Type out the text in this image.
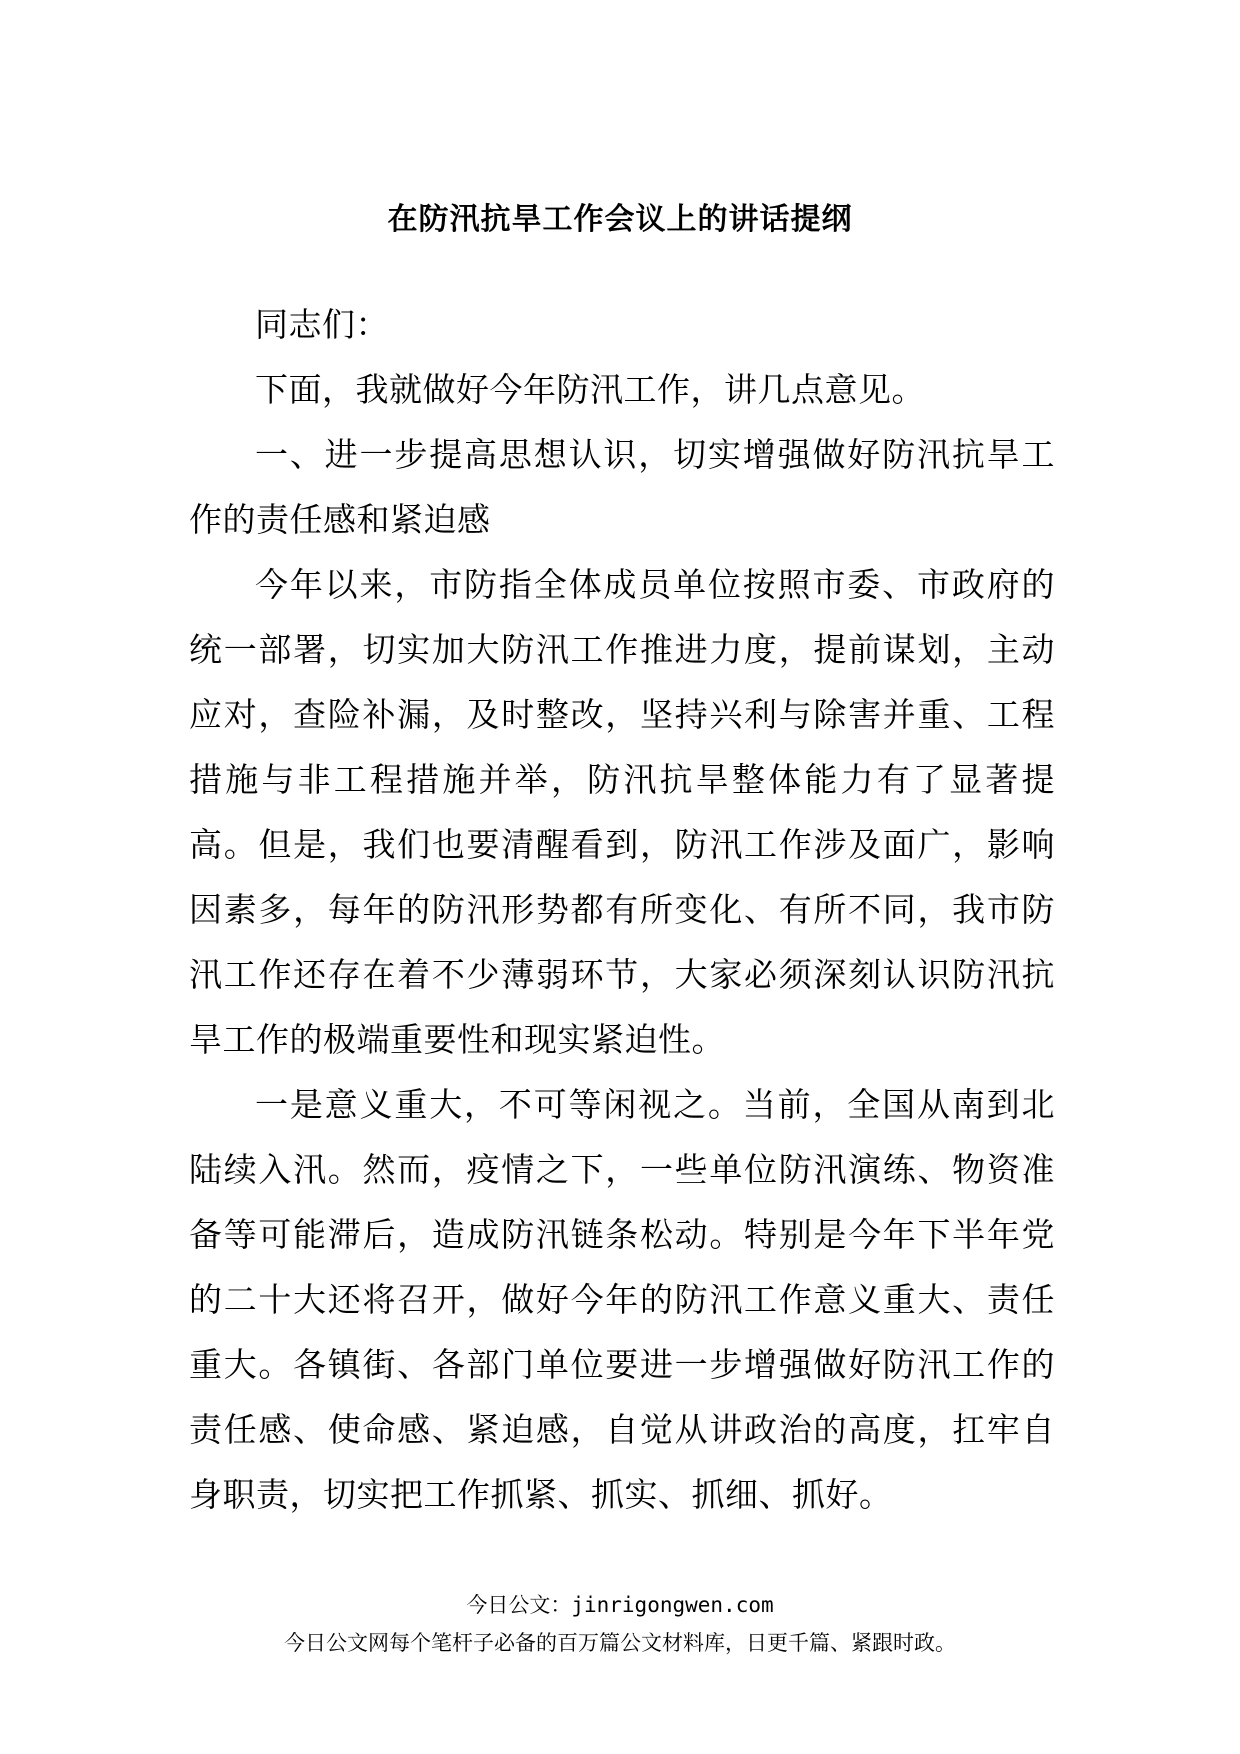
在防汛抗旱工作会议上的讲话提纲

同志们：

下面，我就做好今年防汛工作，讲几点意见。

一、进一步提高思想认识，切实增强做好防汛抗旱工作的责任感和紧迫感

今年以来，市防指全体成员单位按照市委、市政府的统一部署，切实加大防汛工作推进力度，提前谋划，主动应对，查险补漏，及时整改，坚持兴利与除害并重、工程措施与非工程措施并举，防汛抗旱整体能力有了显著提高。但是，我们也要清醒看到，防汛工作涉及面广，影响因素多，每年的防汛形势都有所变化、有所不同，我市防汛工作还存在着不少薄弱环节，大家必须深刻认识防汛抗旱工作的极端重要性和现实紧迫性。

一是意义重大，不可等闲视之。当前，全国从南到北陆续入汛。然而，疫情之下，一些单位防汛演练、物资准备等可能滞后，造成防汛链条松动。特别是今年下半年党的二十大还将召开，做好今年的防汛工作意义重大、责任重大。各镇街、各部门单位要进一步增强做好防汛工作的责任感、使命感、紧迫感，自觉从讲政治的高度，扛牢自身职责，切实把工作抓紧、抓实、抓细、抓好。

今日公文：jinrigongwen.com
今日公文网每个笔杆子必备的百万篇公文材料库，日更千篇、紧跟时政。
